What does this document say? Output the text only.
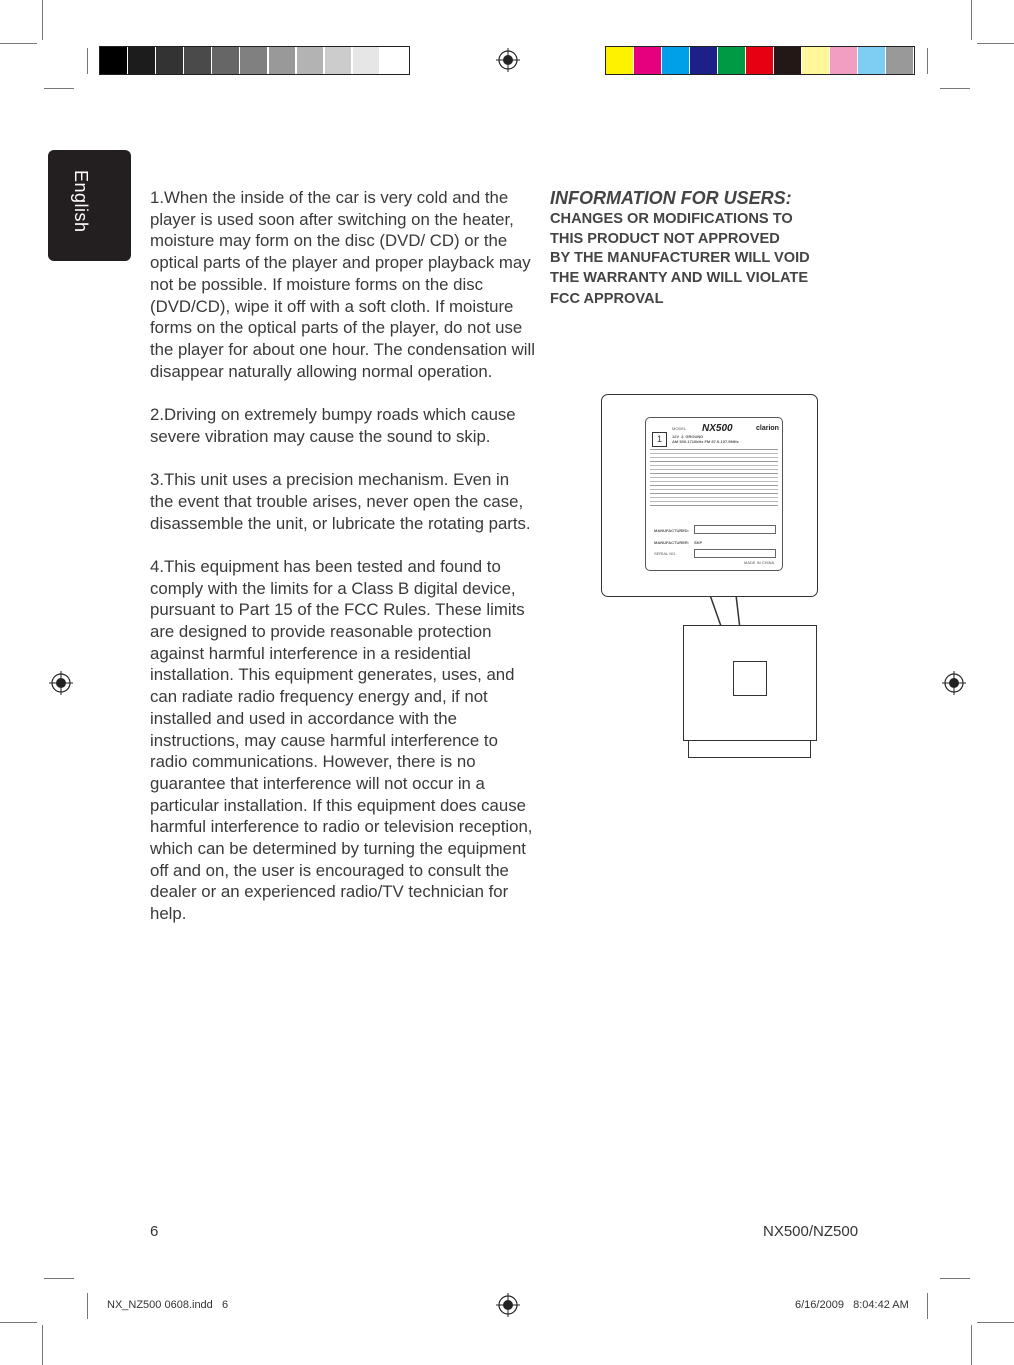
English	1.When the inside of the car is very cold and the player is used soon after switching on the heater, moisture may form on the disc (DVD/ CD) or the optical parts of the player and proper playback may not be possible. If moisture forms on the disc (DVD/CD), wipe it off with a soft cloth. If moisture forms on the optical parts of the player, do not use the player for about one hour. The condensation will disappear naturally allowing normal operation.

2.Driving on extremely bumpy roads which cause severe vibration may cause the sound to skip.

3.This unit uses a precision mechanism. Even in the event that trouble arises, never open the case, disassemble the unit, or lubricate the rotating parts.

4.This equipment has been tested and found to comply with the limits for a Class B digital device, pursuant to Part 15 of the FCC Rules. These limits are designed to provide reasonable protection against harmful interference in a residential installation. This equipment generates, uses, and can radiate radio frequency energy and, if not installed and used in accordance with the instructions, may cause harmful interference to radio communications. However, there is no guarantee that interference will not occur in a particular installation. If this equipment does cause harmful interference to radio or television reception, which can be determined by turning the equipment off and on, the user is encouraged to consult the dealer or an experienced radio/TV technician for help.

INFORMATION FOR USERS:
CHANGES OR MODIFICATIONS TO
THIS PRODUCT NOT APPROVED
BY THE MANUFACTURER WILL VOID
THE WARRANTY AND WILL VIOLATE
FCC APPROVAL
MODEL NX500	clarion
1	12V ⏚ GROUND
AM 530-1710kHz FM 87.9-107.9MHz
MANUFACTURED:
MANUFACTURER: SKP
SERIAL NO.
MADE IN CHINA
6	NX500/NZ500
NX_NZ500 0608.indd   6	6/16/2009   8:04:42 AM
